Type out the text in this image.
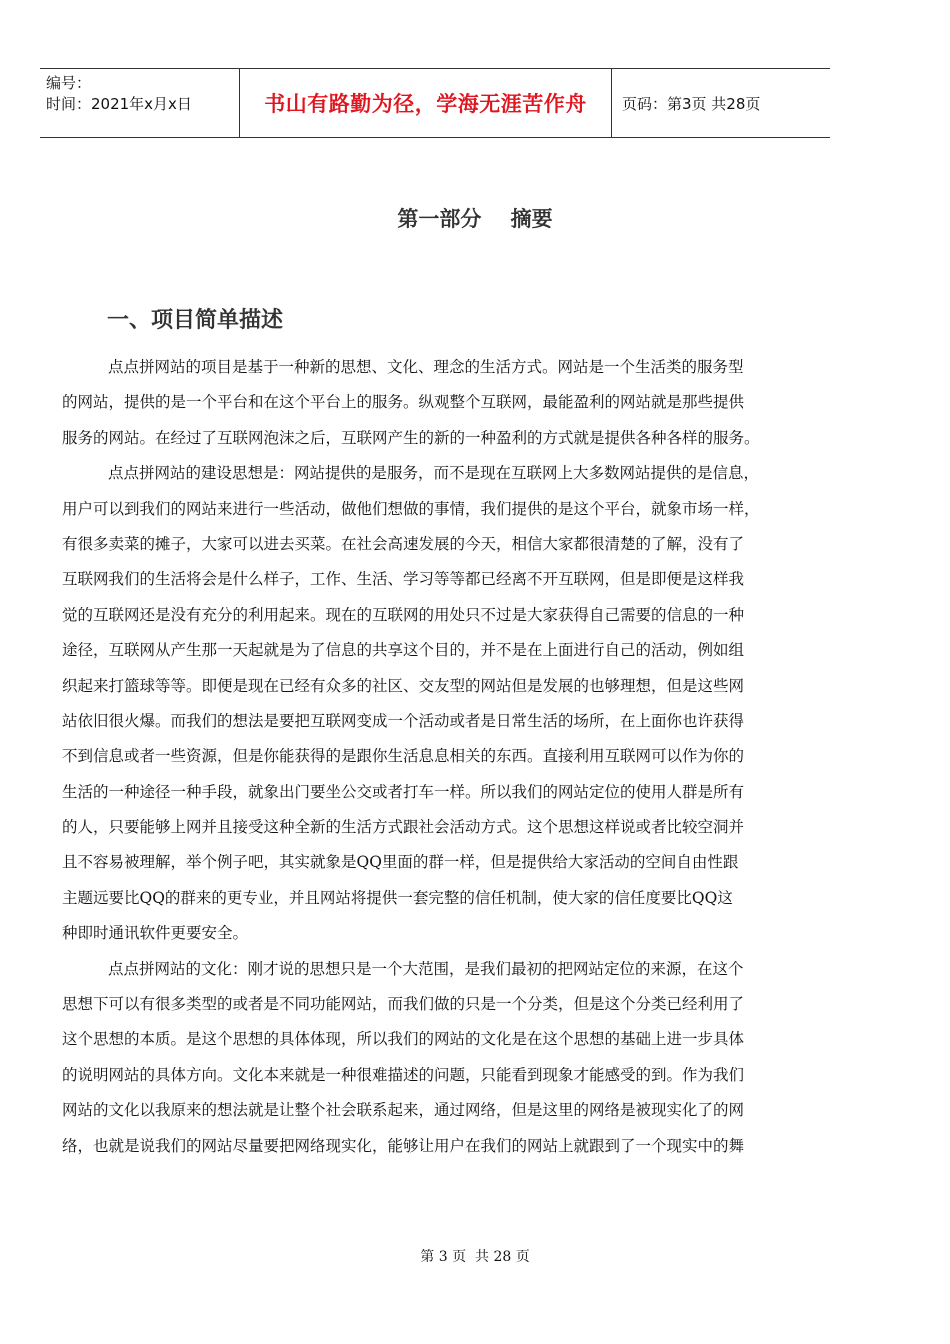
编号：
时间：2021年x月x日	书山有路勤为径，学海无涯苦作舟	页码：第3页 共28页
第一部分    摘要
一、项目简单描述
点点拼网站的项目是基于一种新的思想、文化、理念的生活方式。网站是一个生活类的服务型
的网站，提供的是一个平台和在这个平台上的服务。纵观整个互联网，最能盈利的网站就是那些提供
服务的网站。在经过了互联网泡沫之后，互联网产生的新的一种盈利的方式就是提供各种各样的服务。
点点拼网站的建设思想是：网站提供的是服务，而不是现在互联网上大多数网站提供的是信息，
用户可以到我们的网站来进行一些活动，做他们想做的事情，我们提供的是这个平台，就象市场一样，
有很多卖菜的摊子，大家可以进去买菜。在社会高速发展的今天，相信大家都很清楚的了解，没有了
互联网我们的生活将会是什么样子，工作、生活、学习等等都已经离不开互联网，但是即便是这样我
觉的互联网还是没有充分的利用起来。现在的互联网的用处只不过是大家获得自己需要的信息的一种
途径，互联网从产生那一天起就是为了信息的共享这个目的，并不是在上面进行自己的活动，例如组
织起来打篮球等等。即便是现在已经有众多的社区、交友型的网站但是发展的也够理想，但是这些网
站依旧很火爆。而我们的想法是要把互联网变成一个活动或者是日常生活的场所，在上面你也许获得
不到信息或者一些资源，但是你能获得的是跟你生活息息相关的东西。直接利用互联网可以作为你的
生活的一种途径一种手段，就象出门要坐公交或者打车一样。所以我们的网站定位的使用人群是所有
的人，只要能够上网并且接受这种全新的生活方式跟社会活动方式。这个思想这样说或者比较空洞并
且不容易被理解，举个例子吧，其实就象是QQ里面的群一样，但是提供给大家活动的空间自由性跟
主题远要比QQ的群来的更专业，并且网站将提供一套完整的信任机制，使大家的信任度要比QQ这
种即时通讯软件更要安全。
点点拼网站的文化：刚才说的思想只是一个大范围，是我们最初的把网站定位的来源，在这个
思想下可以有很多类型的或者是不同功能网站，而我们做的只是一个分类，但是这个分类已经利用了
这个思想的本质。是这个思想的具体体现，所以我们的网站的文化是在这个思想的基础上进一步具体
的说明网站的具体方向。文化本来就是一种很难描述的问题，只能看到现象才能感受的到。作为我们
网站的文化以我原来的想法就是让整个社会联系起来，通过网络，但是这里的网络是被现实化了的网
络，也就是说我们的网站尽量要把网络现实化，能够让用户在我们的网站上就跟到了一个现实中的舞
第 3 页  共 28 页
